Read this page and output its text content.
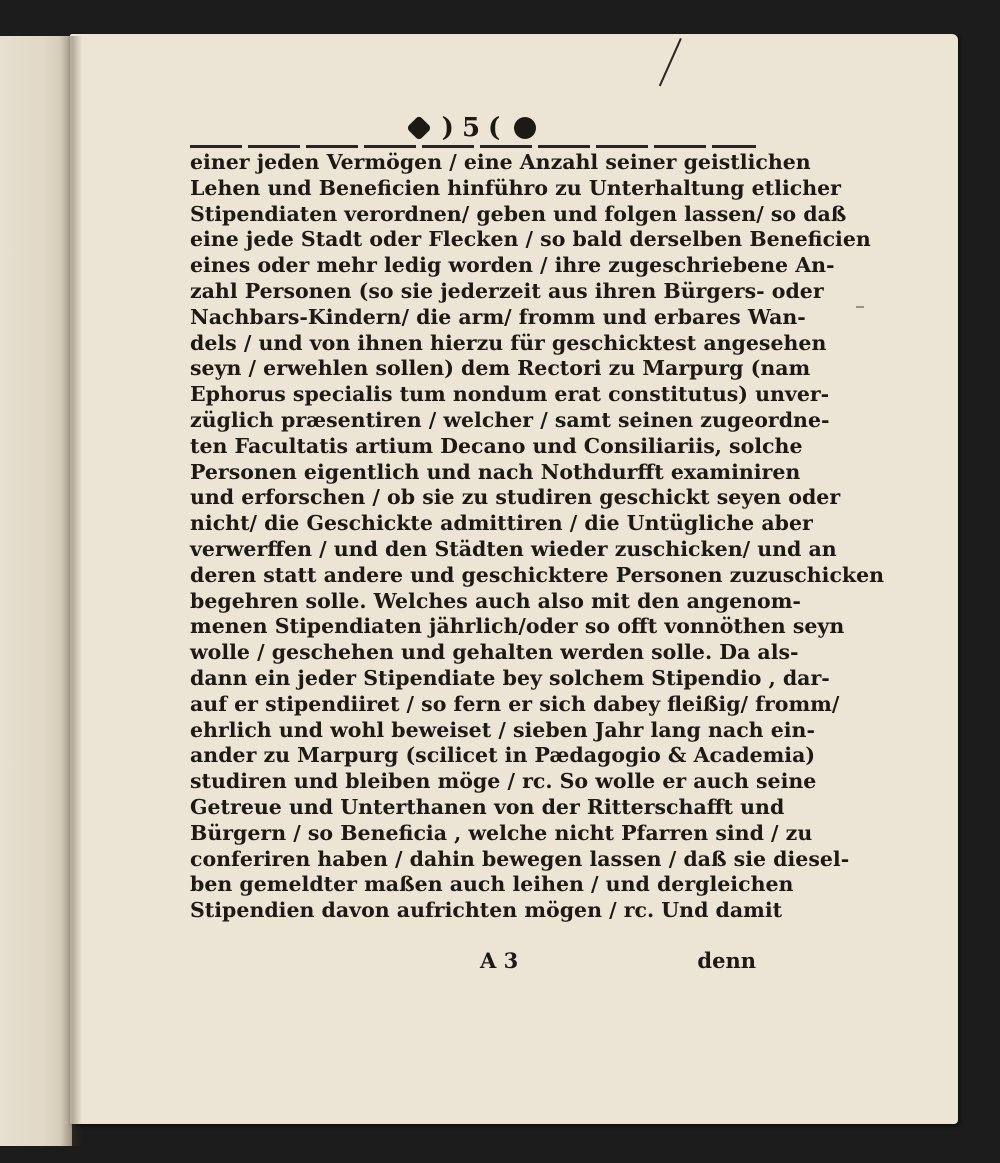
) 5 (
einer jeden Vermögen / eine Anzahl seiner geistlichen
Lehen und Beneficien hinführo zu Unterhaltung etlicher
Stipendiaten verordnen/ geben und folgen lassen/ so daß
eine jede Stadt oder Flecken / so bald derselben Beneficien
eines oder mehr ledig worden / ihre zugeschriebene An-
zahl Personen (so sie jederzeit aus ihren Bürgers- oder
Nachbars-Kindern/ die arm/ fromm und erbares Wan-
dels / und von ihnen hierzu für geschicktest angesehen
seyn / erwehlen sollen) dem Rectori zu Marpurg (nam
Ephorus specialis tum nondum erat constitutus) unver-
züglich præsentiren / welcher / samt seinen zugeordne-
ten Facultatis artium Decano und Consiliariis, solche
Personen eigentlich und nach Nothdurfft examiniren
und erforschen / ob sie zu studiren geschickt seyen oder
nicht/ die Geschickte admittiren / die Untügliche aber
verwerffen / und den Städten wieder zuschicken/ und an
deren statt andere und geschicktere Personen zuzuschicken
begehren solle. Welches auch also mit den angenom-
menen Stipendiaten jährlich/oder so offt vonnöthen seyn
wolle / geschehen und gehalten werden solle. Da als-
dann ein jeder Stipendiate bey solchem Stipendio , dar-
auf er stipendiiret / so fern er sich dabey fleißig/ fromm/
ehrlich und wohl beweiset / sieben Jahr lang nach ein-
ander zu Marpurg (scilicet in Pædagogio & Academia)
studiren und bleiben möge / rc. So wolle er auch seine
Getreue und Unterthanen von der Ritterschafft und
Bürgern / so Beneficia , welche nicht Pfarren sind / zu
conferiren haben / dahin bewegen lassen / daß sie diesel-
ben gemeldter maßen auch leihen / und dergleichen
Stipendien davon aufrichten mögen / rc. Und damit
A 3	denn
